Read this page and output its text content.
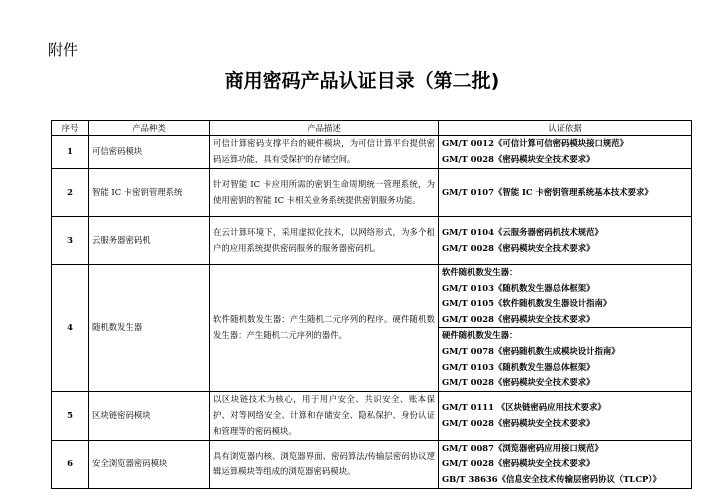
附件
商用密码产品认证目录（第二批)
序号	产品种类	产品描述	认证依据
1	可信密码模块	可信计算密码支撑平台的硬件模块，为可信计算平台提供密码运算功能，具有受保护的存储空间。	GM/T 0012《可信计算可信密码模块接口规范》
GM/T 0028《密码模块安全技术要求》

2	智能 IC 卡密钥管理系统	针对智能 IC 卡应用所需的密钥生命周期统一管理系统，为使用密钥的智能 IC 卡相关业务系统提供密钥服务功能。	GM/T 0107《智能 IC 卡密钥管理系统基本技术要求》

3	云服务器密码机	在云计算环境下，采用虚拟化技术，以网络形式，为多个租户的应用系统提供密码服务的服务器密码机。	GM/T 0104《云服务器密码机技术规范》
GM/T 0028《密码模块安全技术要求》

4	随机数发生器	软件随机数发生器：产生随机二元序列的程序。硬件随机数发生器：产生随机二元序列的器件。	软件随机数发生器：
GM/T 0103《随机数发生器总体框架》
GM/T 0105《软件随机数发生器设计指南》
GM/T 0028《密码模块安全技术要求》

			硬件随机数发生器：
GM/T 0078《密码随机数生成模块设计指南》
GM/T 0103《随机数发生器总体框架》
GM/T 0028《密码模块安全技术要求》

5	区块链密码模块	以区块链技术为核心，用于用户安全、共识安全、账本保护、对等网络安全、计算和存储安全、隐私保护、身份认证和管理等的密码模块。	GM/T 0111 《区块链密码应用技术要求》
GM/T 0028《密码模块安全技术要求》

6	安全浏览器密码模块	具有浏览器内核、浏览器界面、密码算法/传输层密码协议逻辑运算模块等组成的浏览器密码模块。	GM/T 0087《浏览器密码应用接口规范》
GM/T 0028《密码模块安全技术要求》
GB/T 38636《信息安全技术传输层密码协议（TLCP）》
